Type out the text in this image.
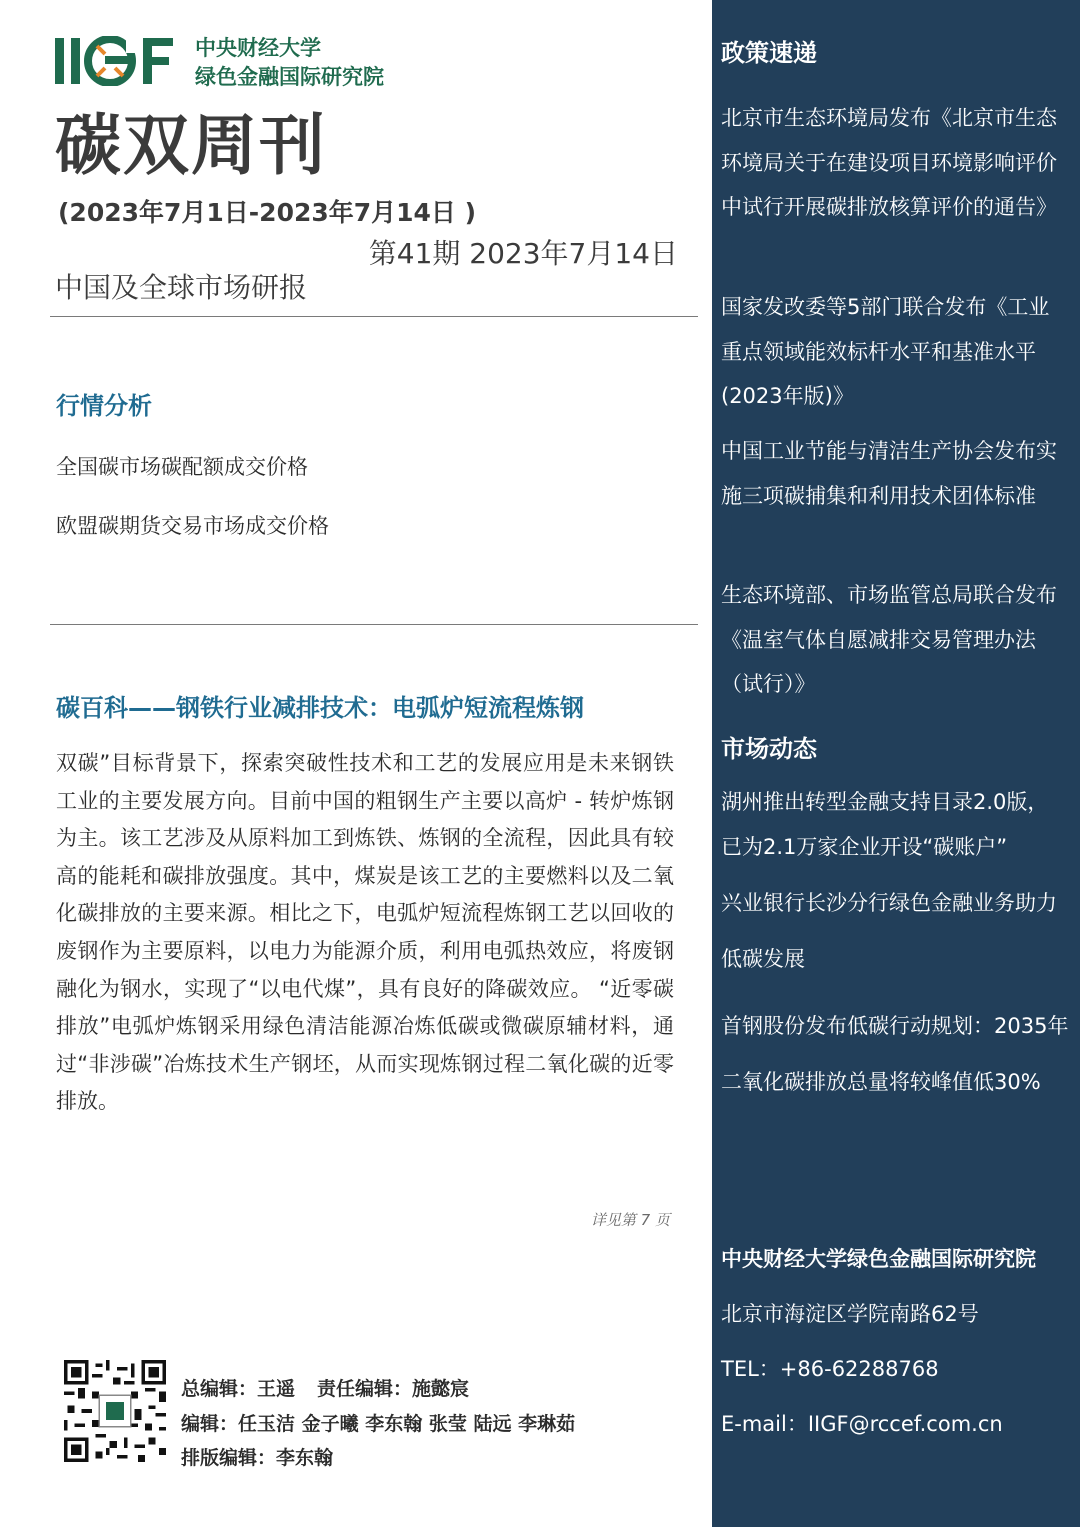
中央财经大学
绿色金融国际研究院
碳双周刊
(2023年7月1日-2023年7月14日 )
第41期 2023年7月14日
中国及全球市场研报
行情分析
全国碳市场碳配额成交价格
欧盟碳期货交易市场成交价格
碳百科——钢铁行业减排技术：电弧炉短流程炼钢
双碳”目标背景下，探索突破性技术和工艺的发展应用是未来钢铁工业的主要发展方向。目前中国的粗钢生产主要以高炉 - 转炉炼钢为主。该工艺涉及从原料加工到炼铁、炼钢的全流程，因此具有较高的能耗和碳排放强度。其中，煤炭是该工艺的主要燃料以及二氧化碳排放的主要来源。相比之下，电弧炉短流程炼钢工艺以回收的废钢作为主要原料，以电力为能源介质，利用电弧热效应，将废钢融化为钢水，实现了“以电代煤”，具有良好的降碳效应。 “近零碳排放”电弧炉炼钢采用绿色清洁能源冶炼低碳或微碳原辅材料，通过“非涉碳”冶炼技术生产钢坯，从而实现炼钢过程二氧化碳的近零排放。
详见第 7 页
总编辑：王遥 责任编辑：施懿宸
编辑：任玉洁 金子曦 李东翰 张莹 陆远 李琳茹
排版编辑：李东翰
政策速递
北京市生态环境局发布《北京市生态环境局关于在建设项目环境影响评价中试行开展碳排放核算评价的通告》
国家发改委等5部门联合发布《工业重点领域能效标杆水平和基准水平(2023年版)》
中国工业节能与清洁生产协会发布实施三项碳捕集和利用技术团体标准
生态环境部、市场监管总局联合发布《温室气体自愿减排交易管理办法（试行）》
市场动态
湖州推出转型金融支持目录2.0版，已为2.1万家企业开设“碳账户”
兴业银行长沙分行绿色金融业务助力低碳发展
首钢股份发布低碳行动规划：2035年二氧化碳排放总量将较峰值低30%
中央财经大学绿色金融国际研究院
北京市海淀区学院南路62号
TEL：+86-62288768
E-mail：IIGF@rccef.com.cn
